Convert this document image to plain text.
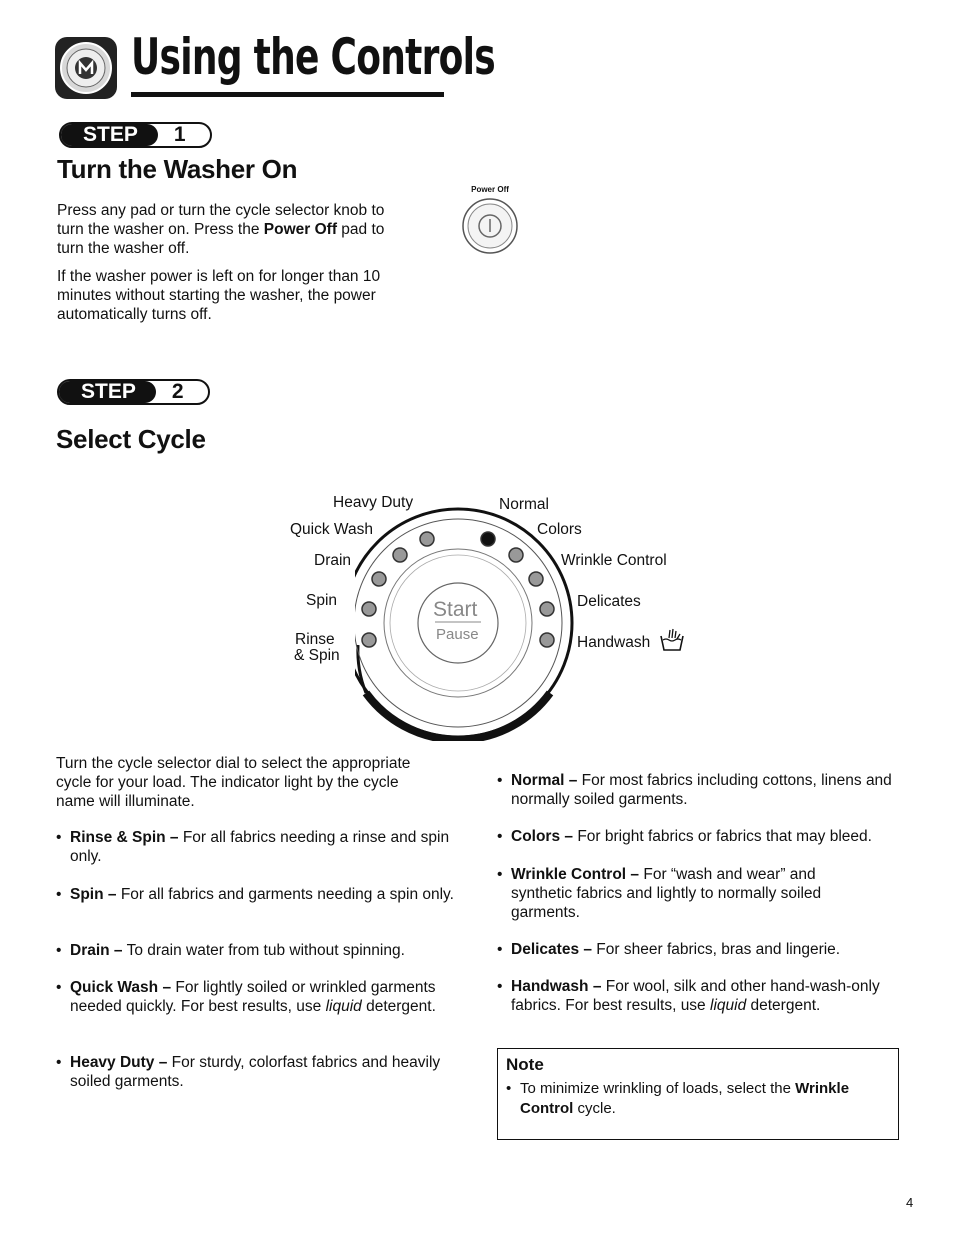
Using the Controls
STEP	1
Turn the Washer On
Press any pad or turn the cycle selector knob to turn the washer on. Press the Power Off pad to turn the washer off.
If the washer power is left on for longer than 10 minutes without starting the washer, the power automatically turns off.
Power Off
STEP	2
Select Cycle
Start
Pause
Heavy Duty	Normal
Quick Wash	Colors
Drain	Wrinkle Control
Spin	Delicates
Rinse
& Spin
Handwash
Turn the cycle selector dial to select the appropriate cycle for your load. The indicator light by the cycle name will illuminate.
• Rinse & Spin – For all fabrics needing a rinse and spin only.
• Spin – For all fabrics and garments needing a spin only.
• Drain – To drain water from tub without spinning.
• Quick Wash – For lightly soiled or wrinkled garments needed quickly. For best results, use liquid detergent.
• Heavy Duty – For sturdy, colorfast fabrics and heavily soiled garments.
• Normal – For most fabrics including cottons, linens and normally soiled garments.
• Colors – For bright fabrics or fabrics that may bleed.
• Wrinkle Control – For “wash and wear” and synthetic fabrics and lightly to normally soiled garments.
• Delicates – For sheer fabrics, bras and lingerie.
• Handwash – For wool, silk and other hand-wash-only fabrics. For best results, use liquid detergent.
Note
• To minimize wrinkling of loads, select the Wrinkle Control cycle.
4
